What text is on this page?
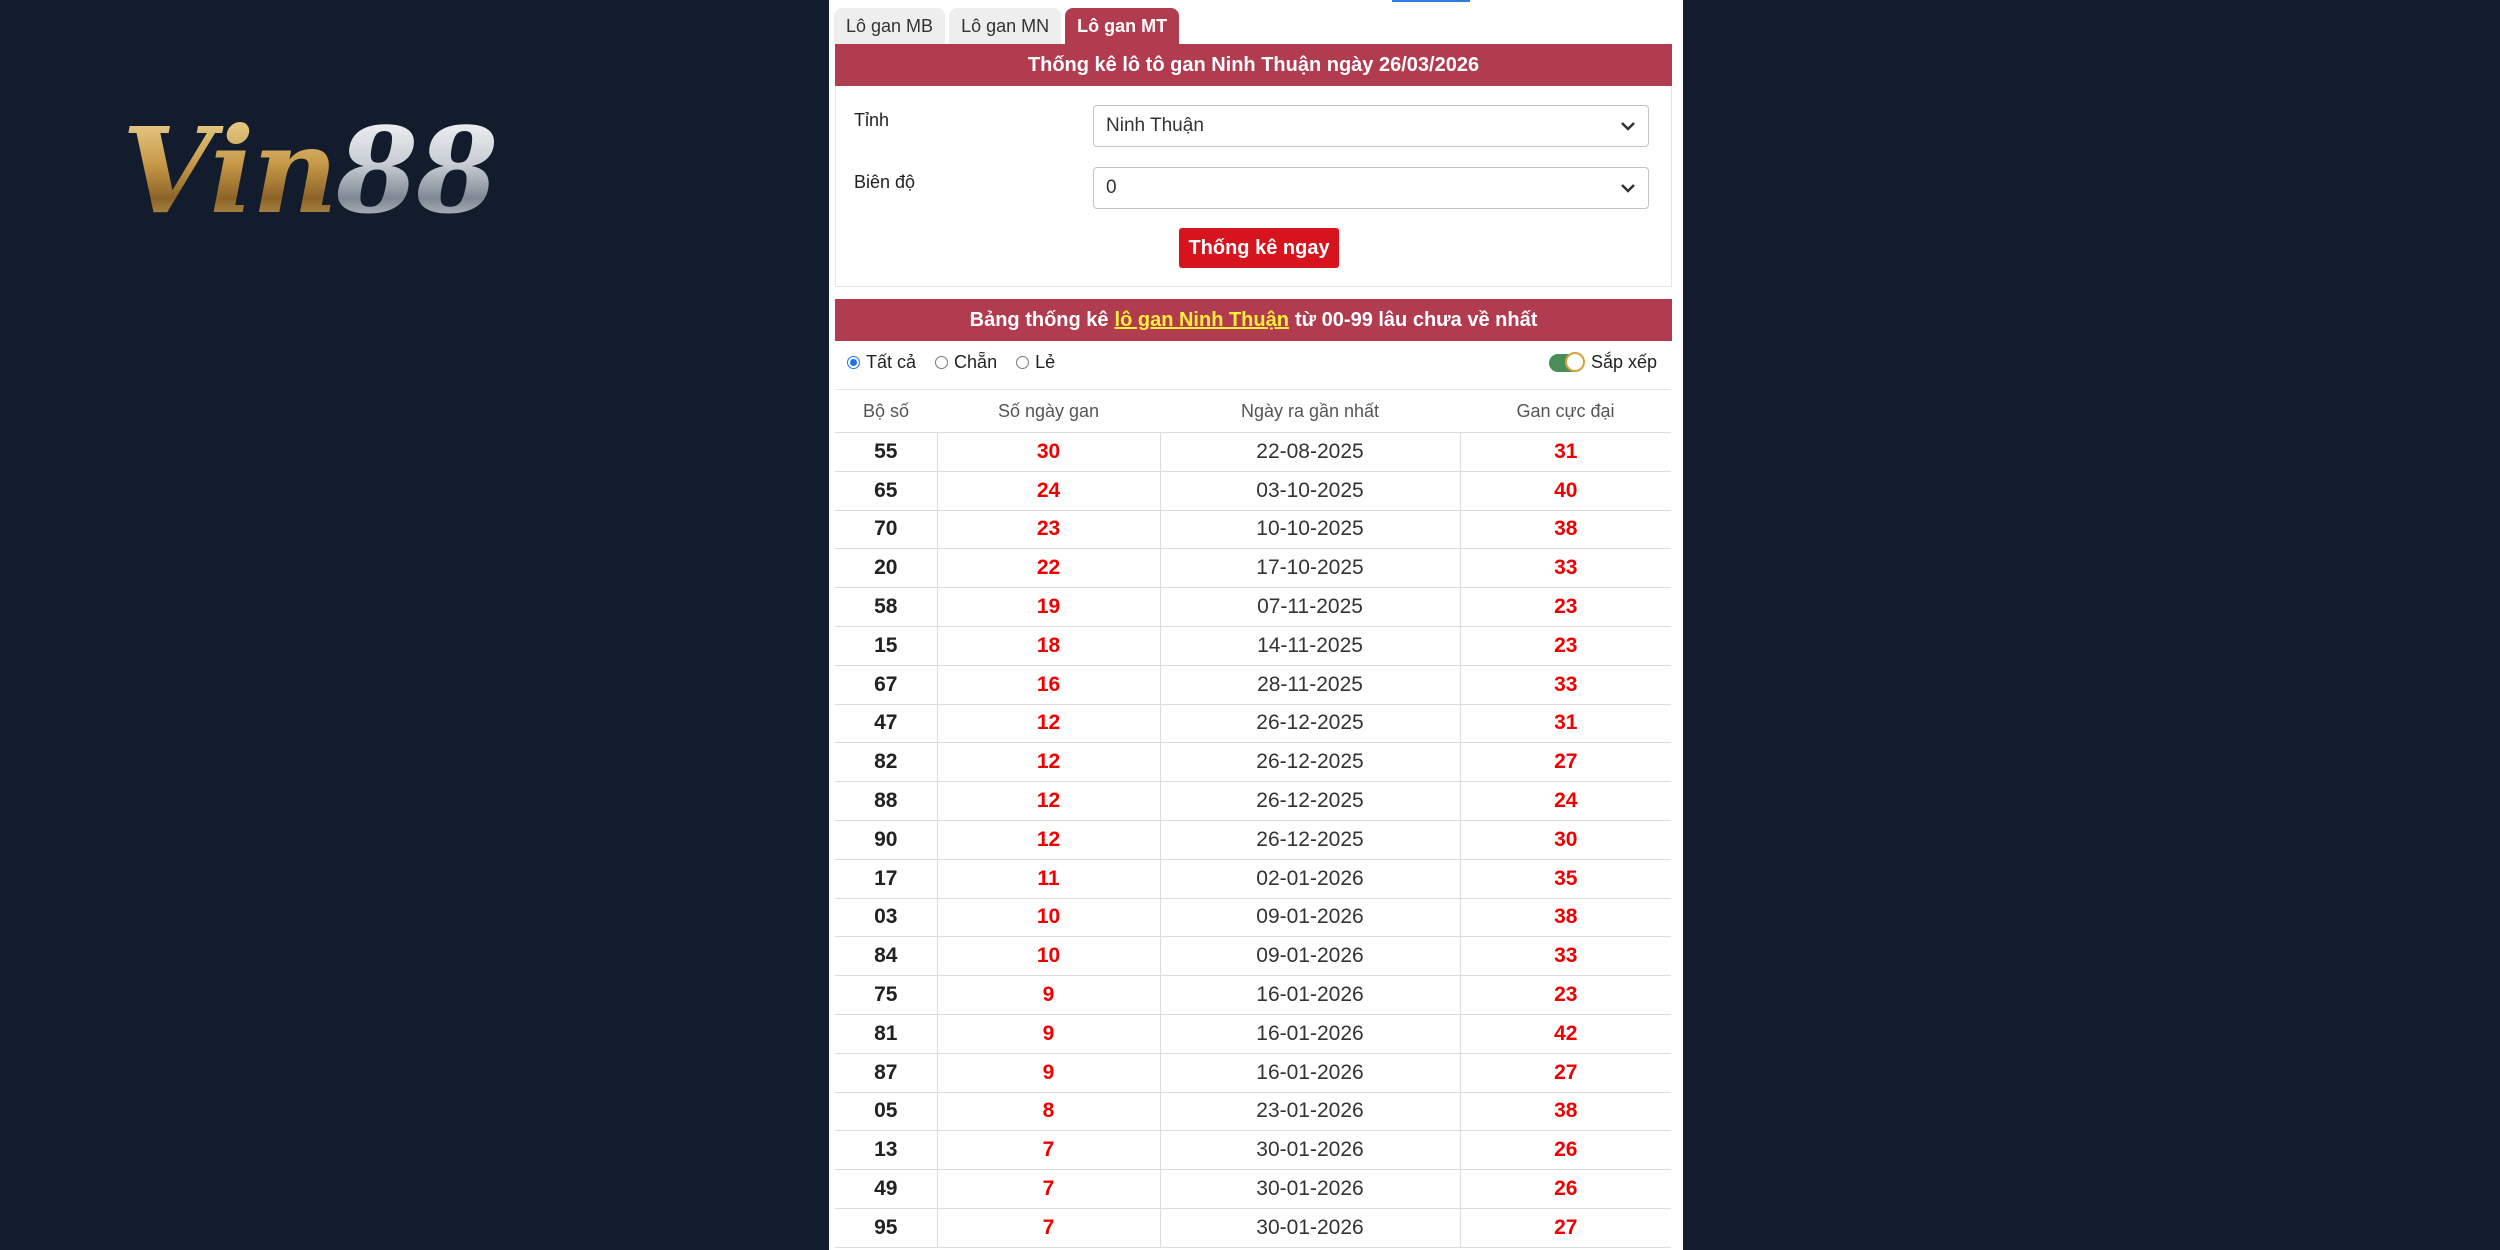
Vin88
Lô gan MB	Lô gan MN	Lô gan MT
Thống kê lô tô gan Ninh Thuận ngày 26/03/2026
Tỉnh	Ninh Thuận
Biên độ	0
Thống kê ngay
Bảng thống kê lô gan Ninh Thuận từ 00-99 lâu chưa về nhất
Tất cả
Chẵn
Lẻ	Sắp xếp
Bộ số	Số ngày gan	Ngày ra gần nhất	Gan cực đại
55	30	22-08-2025	31
65	24	03-10-2025	40
70	23	10-10-2025	38
20	22	17-10-2025	33
58	19	07-11-2025	23
15	18	14-11-2025	23
67	16	28-11-2025	33
47	12	26-12-2025	31
82	12	26-12-2025	27
88	12	26-12-2025	24
90	12	26-12-2025	30
17	11	02-01-2026	35
03	10	09-01-2026	38
84	10	09-01-2026	33
75	9	16-01-2026	23
81	9	16-01-2026	42
87	9	16-01-2026	27
05	8	23-01-2026	38
13	7	30-01-2026	26
49	7	30-01-2026	26
95	7	30-01-2026	27
